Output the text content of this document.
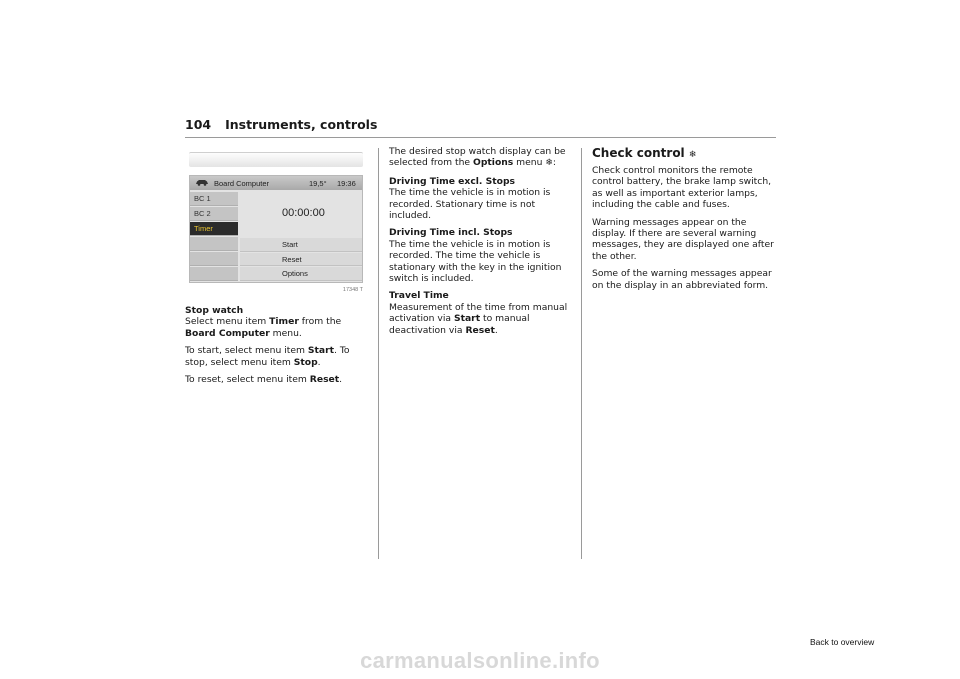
104 Instruments, controls
Board Computer	19,5° 19:36
BC 1
BC 2
Timer
00:00:00
Start
Reset
Options
17348 T

Stop watch
Select menu item Timer from the Board Computer menu.

To start, select menu item Start. To stop, select menu item Stop.

To reset, select menu item Reset.

The desired stop watch display can be selected from the Options menu ❄:

Driving Time excl. Stops
The time the vehicle is in motion is recorded. Stationary time is not included.

Driving Time incl. Stops
The time the vehicle is in motion is recorded. The time the vehicle is stationary with the key in the ignition switch is included.

Travel Time
Measurement of the time from manual activation via Start to manual deactivation via Reset.

Check control ❄

Check control monitors the remote control battery, the brake lamp switch, as well as important exterior lamps, including the cable and fuses.

Warning messages appear on the display. If there are several warning messages, they are displayed one after the other.

Some of the warning messages appear on the display in an abbreviated form.

Back to overview
carmanualsonline.info
